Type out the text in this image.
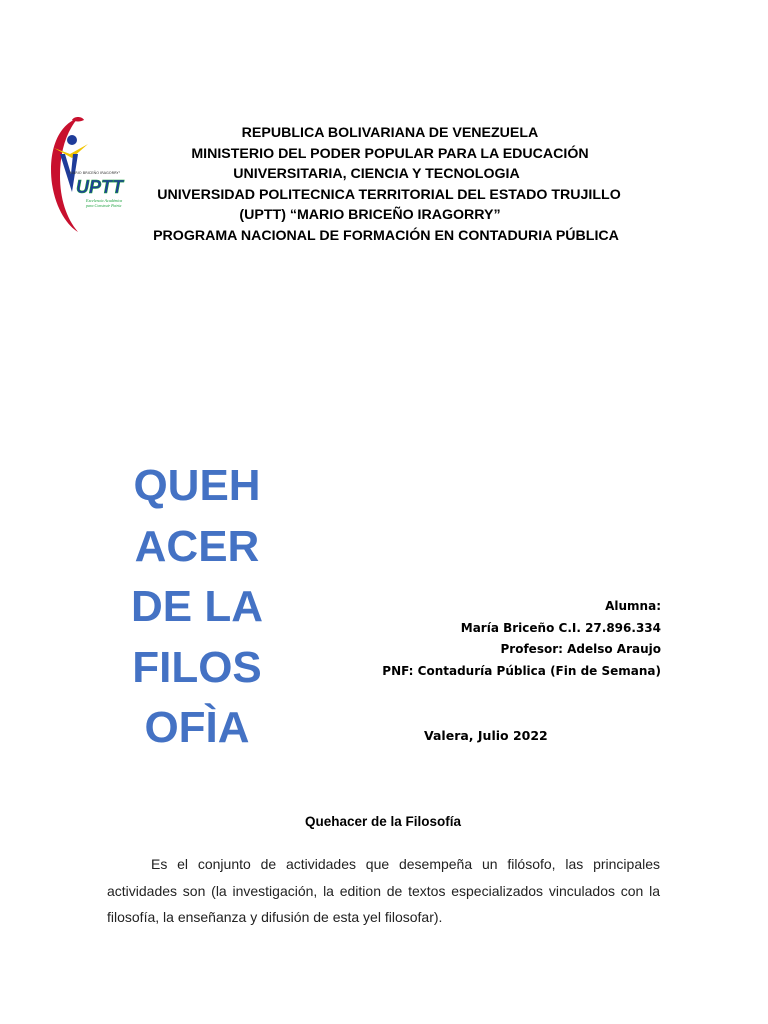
"MARIO BRICEÑO IRAGORRY"
UPTT
Excelencia Académica
para Construir Patria
REPUBLICA BOLIVARIANA DE VENEZUELA
MINISTERIO DEL PODER POPULAR PARA LA EDUCACIÓN
UNIVERSITARIA, CIENCIA Y TECNOLOGIA
UNIVERSIDAD POLITECNICA TERRITORIAL DEL ESTADO TRUJILLO
(UPTT) “MARIO BRICEÑO IRAGORRY”
PROGRAMA NACIONAL DE FORMACIÓN EN CONTADURIA PÚBLICA
QUEH
ACER
DE LA
FILOS
OFÌA
Alumna:
María Briceño C.I. 27.896.334
Profesor: Adelso Araujo
PNF: Contaduría Pública (Fin de Semana)
Valera, Julio 2022
Quehacer de la Filosofía
Es el conjunto de actividades que desempeña un filósofo, las principales actividades son (la investigación, la edition de textos especializados vinculados con la filosofía, la enseñanza y difusión de esta yel filosofar).
